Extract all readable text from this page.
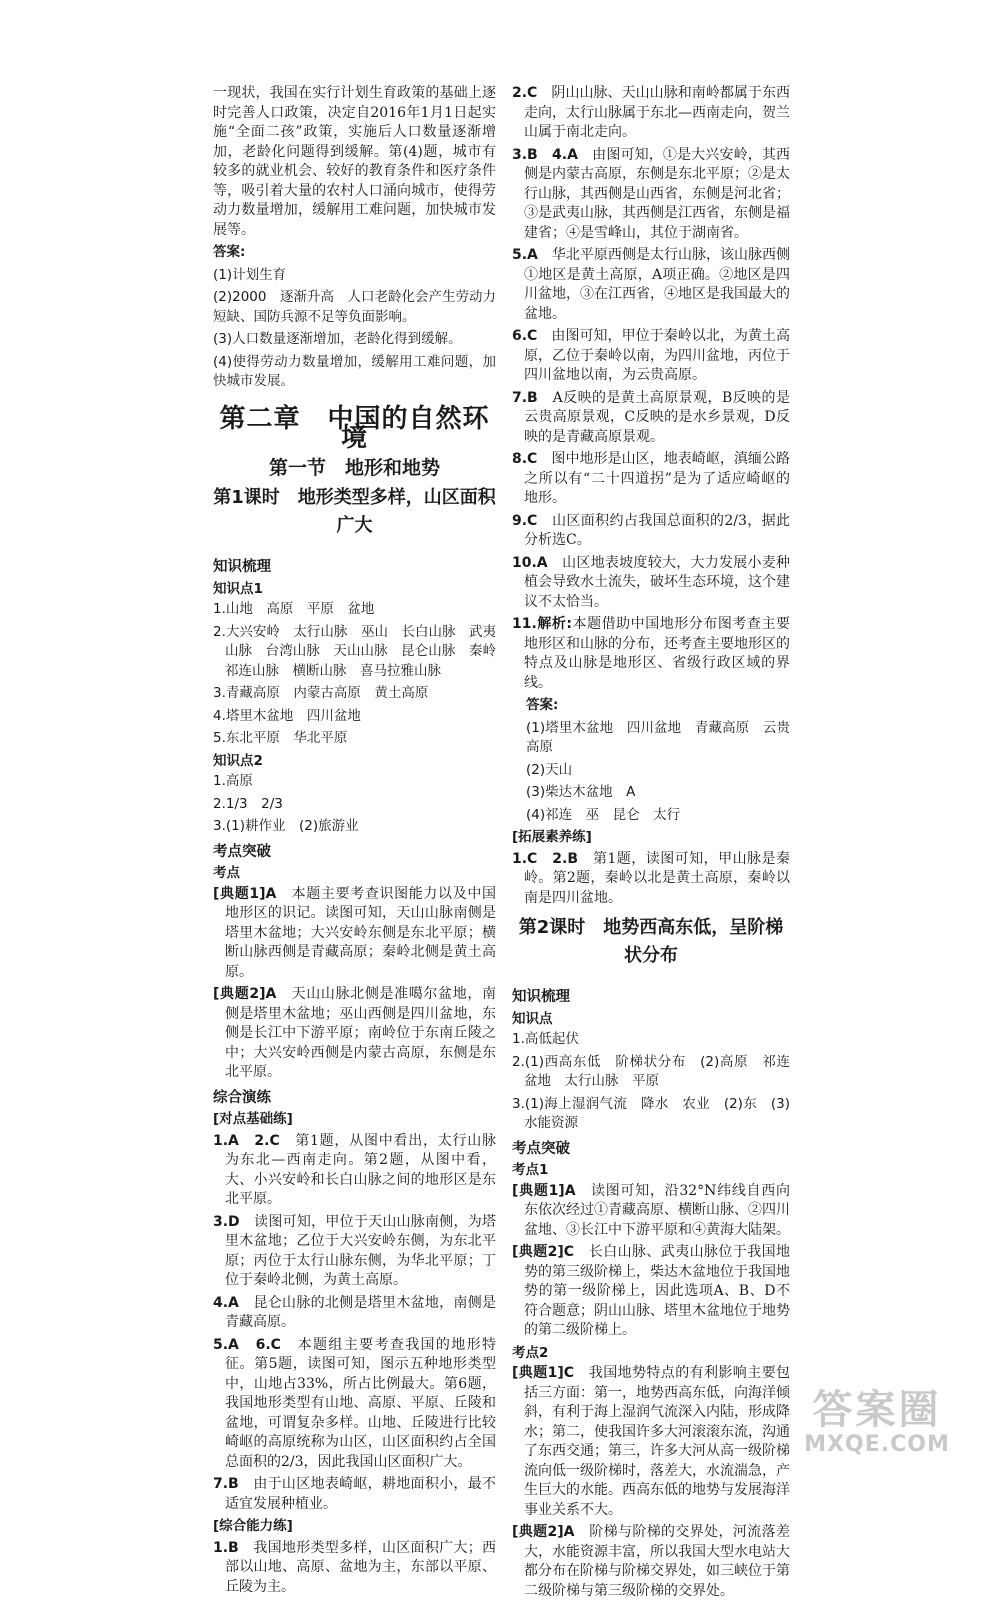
一现状，我国在实行计划生育政策的基础上逐时完善人口政策，决定自2016年1月1日起实施“全面二孩”政策，实施后人口数量逐渐增加，老龄化问题得到缓解。第(4)题，城市有较多的就业机会、较好的教育条件和医疗条件等，吸引着大量的农村人口涌向城市，使得劳动力数量增加，缓解用工难问题，加快城市发展等。

答案:
(1)计划生育
(2)2000　逐渐升高　人口老龄化会产生劳动力短缺、国防兵源不足等负面影响。
(3)人口数量逐渐增加，老龄化得到缓解。
(4)使得劳动力数量增加，缓解用工难问题，加快城市发展。
第二章　中国的自然环境
第一节　地形和地势
第1课时　地形类型多样，山区面积广大
知识梳理
知识点1
1.山地　高原　平原　盆地
2.大兴安岭　太行山脉　巫山　长白山脉　武夷山脉　台湾山脉　天山山脉　昆仑山脉　秦岭　祁连山脉　横断山脉　喜马拉雅山脉
3.青藏高原　内蒙古高原　黄土高原
4.塔里木盆地　四川盆地
5.东北平原　华北平原
知识点2
1.高原
2.1/3　2/3
3.(1)耕作业　(2)旅游业
考点突破
考点

[典题1]A　本题主要考查识图能力以及中国地形区的识记。读图可知，天山山脉南侧是塔里木盆地；大兴安岭东侧是东北平原；横断山脉西侧是青藏高原；秦岭北侧是黄土高原。

[典题2]A　天山山脉北侧是准噶尔盆地，南侧是塔里木盆地；巫山西侧是四川盆地，东侧是长江中下游平原；南岭位于东南丘陵之中；大兴安岭西侧是内蒙古高原，东侧是东北平原。

综合演练
[对点基础练]

1.A　2.C　第1题，从图中看出，太行山脉为东北—西南走向。第2题，从图中看，大、小兴安岭和长白山脉之间的地形区是东北平原。

3.D　读图可知，甲位于天山山脉南侧，为塔里木盆地；乙位于大兴安岭东侧，为东北平原；丙位于太行山脉东侧，为华北平原；丁位于秦岭北侧，为黄土高原。

4.A　昆仑山脉的北侧是塔里木盆地，南侧是青藏高原。

5.A　6.C　本题组主要考查我国的地形特征。第5题，读图可知，图示五种地形类型中，山地占33%，所占比例最大。第6题，我国地形类型有山地、高原、平原、丘陵和盆地，可谓复杂多样。山地、丘陵进行比较崎岖的高原统称为山区，山区面积约占全国总面积的2/3，因此我国山区面积广大。

7.B　由于山区地表崎岖，耕地面积小，最不适宜发展种植业。

[综合能力练]

1.B　我国地形类型多样，山区面积广大；西部以山地、高原、盆地为主，东部以平原、丘陵为主。

2.C　阴山山脉、天山山脉和南岭都属于东西走向，太行山脉属于东北—西南走向，贺兰山属于南北走向。

3.B　4.A　由图可知，①是大兴安岭，其西侧是内蒙古高原，东侧是东北平原；②是太行山脉，其西侧是山西省，东侧是河北省；③是武夷山脉，其西侧是江西省，东侧是福建省；④是雪峰山，其位于湖南省。

5.A　华北平原西侧是太行山脉，该山脉西侧①地区是黄土高原，A项正确。②地区是四川盆地，③在江西省，④地区是我国最大的盆地。

6.C　由图可知，甲位于秦岭以北，为黄土高原，乙位于秦岭以南，为四川盆地，丙位于四川盆地以南，为云贵高原。

7.B　A反映的是黄土高原景观，B反映的是云贵高原景观，C反映的是水乡景观，D反映的是青藏高原景观。

8.C　图中地形是山区，地表崎岖，滇缅公路之所以有“二十四道拐”是为了适应崎岖的地形。

9.C　山区面积约占我国总面积的2/3，据此分析选C。

10.A　山区地表坡度较大，大力发展小麦种植会导致水土流失，破坏生态环境，这个建议不太恰当。

11.解析:本题借助中国地形分布图考查主要地形区和山脉的分布，还考查主要地形区的特点及山脉是地形区、省级行政区域的界线。

答案:
(1)塔里木盆地　四川盆地　青藏高原　云贵高原
(2)天山
(3)柴达木盆地　A
(4)祁连　巫　昆仑　太行
[拓展素养练]

1.C　2.B　第1题，读图可知，甲山脉是秦岭。第2题，秦岭以北是黄土高原，秦岭以南是四川盆地。

第2课时　地势西高东低，呈阶梯状分布
知识梳理
知识点
1.高低起伏
2.(1)西高东低　阶梯状分布　(2)高原　祁连　盆地　太行山脉　平原
3.(1)海上湿润气流　降水　农业　(2)东　(3)水能资源
考点突破
考点1

[典题1]A　读图可知，沿32°N纬线自西向东依次经过①青藏高原、横断山脉、②四川盆地、③长江中下游平原和④黄海大陆架。

[典题2]C　长白山脉、武夷山脉位于我国地势的第三级阶梯上，柴达木盆地位于我国地势的第一级阶梯上，因此选项A、B、D不符合题意；阴山山脉、塔里木盆地位于地势的第二级阶梯上。

考点2

[典题1]C　我国地势特点的有利影响主要包括三方面：第一，地势西高东低，向海洋倾斜，有利于海上湿润气流深入内陆，形成降水；第二，使我国许多大河滚滚东流，沟通了东西交通；第三，许多大河从高一级阶梯流向低一级阶梯时，落差大，水流湍急，产生巨大的水能。西高东低的地势与发展海洋事业关系不大。

[典题2]A　阶梯与阶梯的交界处，河流落差大，水能资源丰富，所以我国大型水电站大都分布在阶梯与阶梯交界处，如三峡位于第二级阶梯与第三级阶梯的交界处。

答案圈
MXQE.COM
